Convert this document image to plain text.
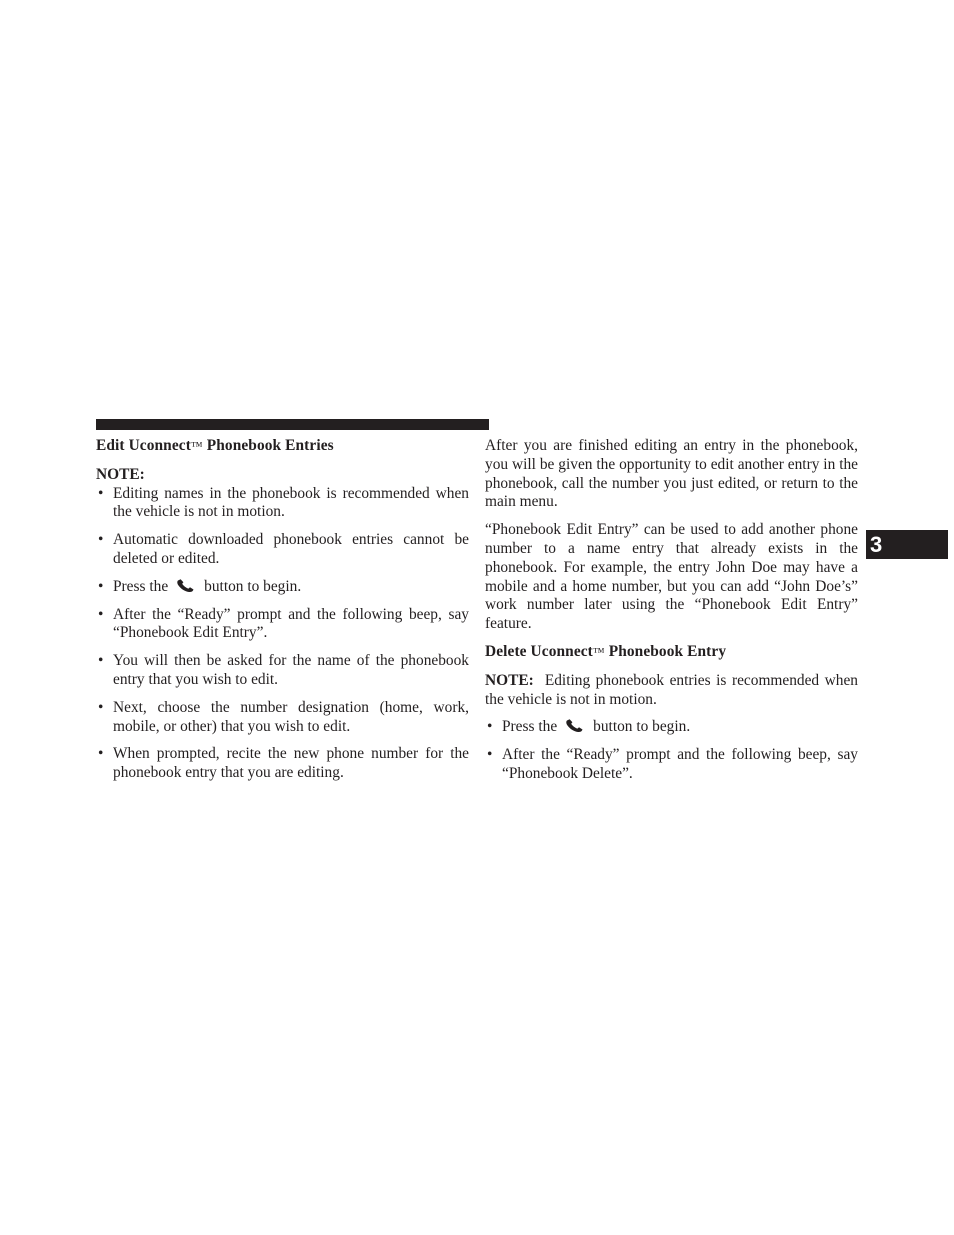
Edit Uconnect™ Phonebook Entries
NOTE:
• Editing names in the phonebook is recommended when the vehicle is not in motion.
• Automatic downloaded phonebook entries cannot be deleted or edited.
• Press the button to begin.
• After the “Ready” prompt and the following beep, say “Phonebook Edit Entry”.
• You will then be asked for the name of the phonebook entry that you wish to edit.
• Next, choose the number designation (home, work, mobile, or other) that you wish to edit.
• When prompted, recite the new phone number for the phonebook entry that you are editing.

After you are finished editing an entry in the phonebook, you will be given the opportunity to edit another entry in the phonebook, call the number you just edited, or return to the main menu.

“Phonebook Edit Entry” can be used to add another phone number to a name entry that already exists in the phonebook. For example, the entry John Doe may have a mobile and a home number, but you can add “John Doe’s” work number later using the “Phonebook Edit Entry” feature.

Delete Uconnect™ Phonebook Entry

NOTE: Editing phonebook entries is recommended when the vehicle is not in motion.

• Press the button to begin.
• After the “Ready” prompt and the following beep, say “Phonebook Delete”.
3
